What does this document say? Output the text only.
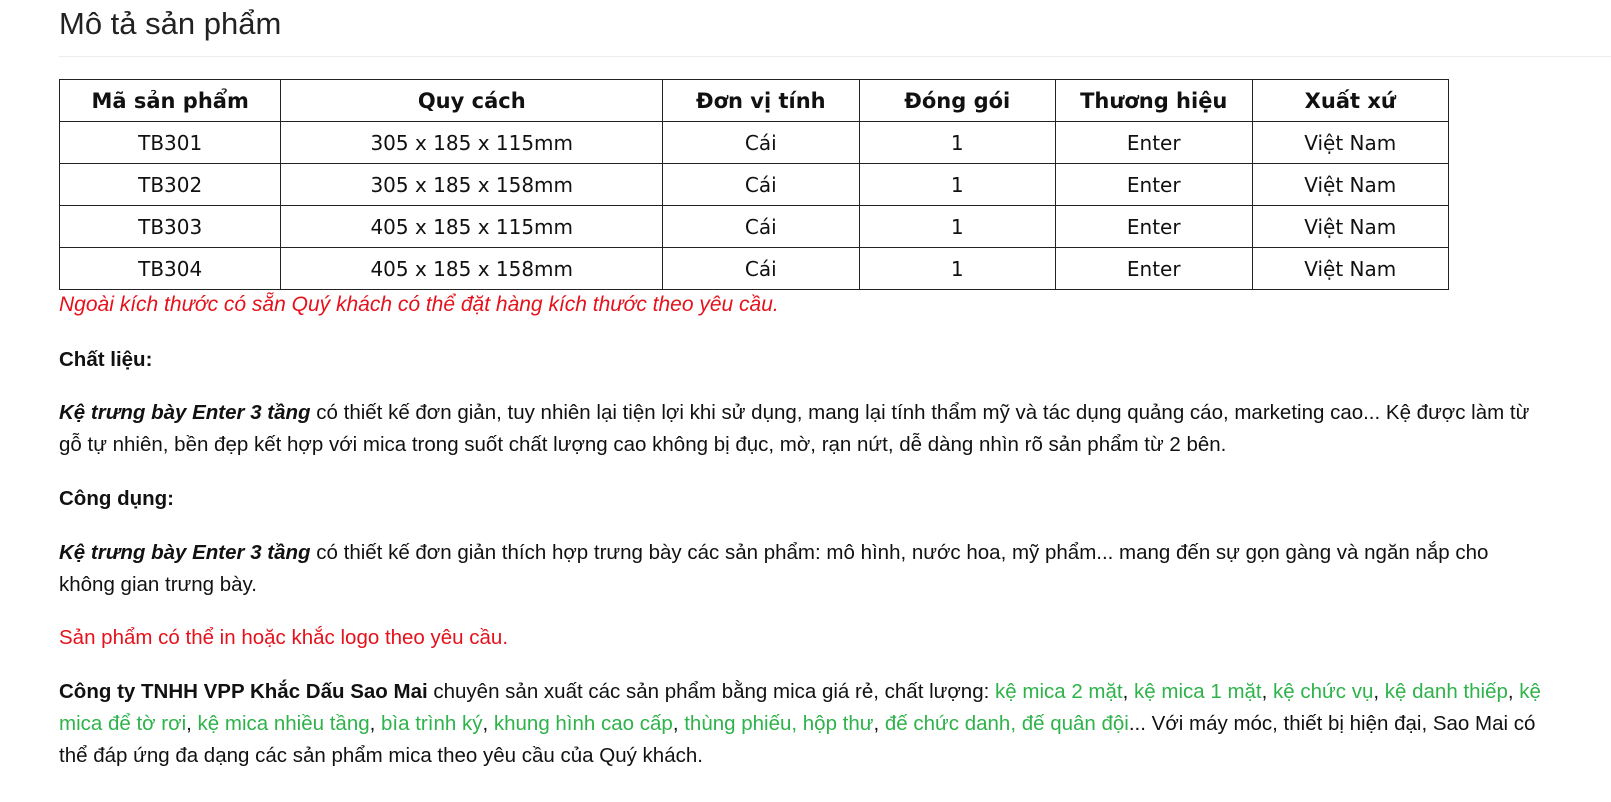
Mô tả sản phẩm
Mã sản phẩm	Quy cách	Đơn vị tính	Đóng gói	Thương hiệu	Xuất xứ
TB301	305 x 185 x 115mm	Cái	1	Enter	Việt Nam
TB302	305 x 185 x 158mm	Cái	1	Enter	Việt Nam
TB303	405 x 185 x 115mm	Cái	1	Enter	Việt Nam
TB304	405 x 185 x 158mm	Cái	1	Enter	Việt Nam
Ngoài kích thước có sẵn Quý khách có thể đặt hàng kích thước theo yêu cầu.
Chất liệu:
Kệ trưng bày Enter 3 tầng có thiết kế đơn giản, tuy nhiên lại tiện lợi khi sử dụng, mang lại tính thẩm mỹ và tác dụng quảng cáo, marketing cao... Kệ được làm từ gỗ tự nhiên, bền đẹp kết hợp với mica trong suốt chất lượng cao không bị đục, mờ, rạn nứt, dễ dàng nhìn rõ sản phẩm từ 2 bên.
Công dụng:
Kệ trưng bày Enter 3 tầng có thiết kế đơn giản thích hợp trưng bày các sản phẩm: mô hình, nước hoa, mỹ phẩm... mang đến sự gọn gàng và ngăn nắp cho không gian trưng bày.
Sản phẩm có thể in hoặc khắc logo theo yêu cầu.
Công ty TNHH VPP Khắc Dấu Sao Mai chuyên sản xuất các sản phẩm bằng mica giá rẻ, chất lượng: kệ mica 2 mặt, kệ mica 1 mặt, kệ chức vụ, kệ danh thiếp, kệ mica để tờ rơi, kệ mica nhiều tầng, bìa trình ký, khung hình cao cấp, thùng phiếu, hộp thư, đế chức danh, đế quân đội... Với máy móc, thiết bị hiện đại, Sao Mai có thể đáp ứng đa dạng các sản phẩm mica theo yêu cầu của Quý khách.
